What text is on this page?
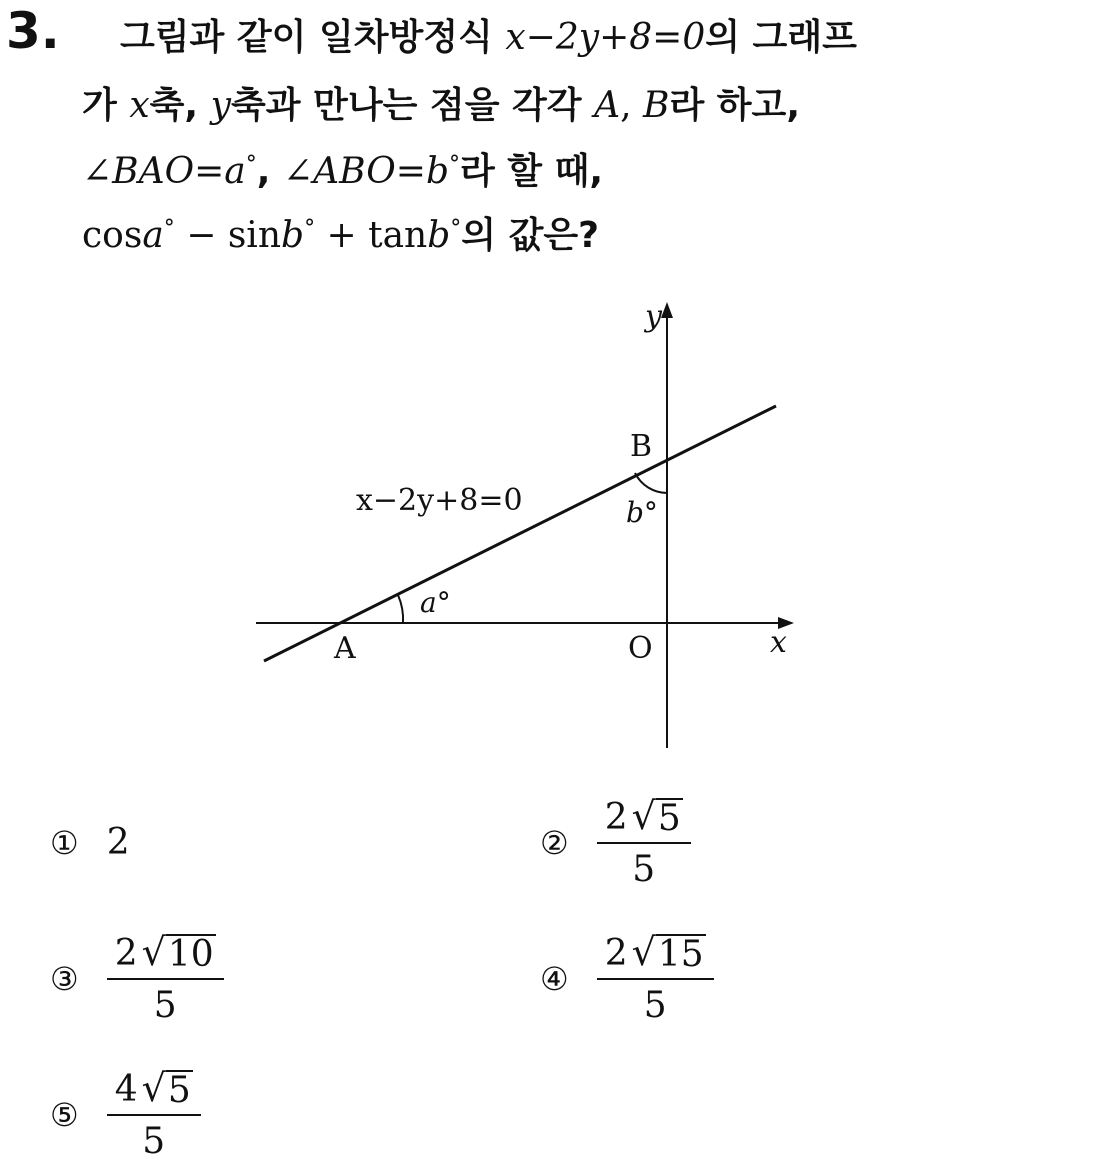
3. 그림과 같이 일차방정식 x−2y+8=0의 그래프
가 x축, y축과 만나는 점을 각각 A, B라 하고,
∠BAO=a°, ∠ABO=b°라 할 때,
cosa° − sinb° + tanb°의 값은?
y
x
B
A	O
x−2y+8=0	b°
a°
① 2	② $\frac{2 √ 5}{5}$
③ $\frac{2 √ 10}{5}$	④ $\frac{2 √ 15}{5}$
⑤ $\frac{4 √ 5}{5}$
